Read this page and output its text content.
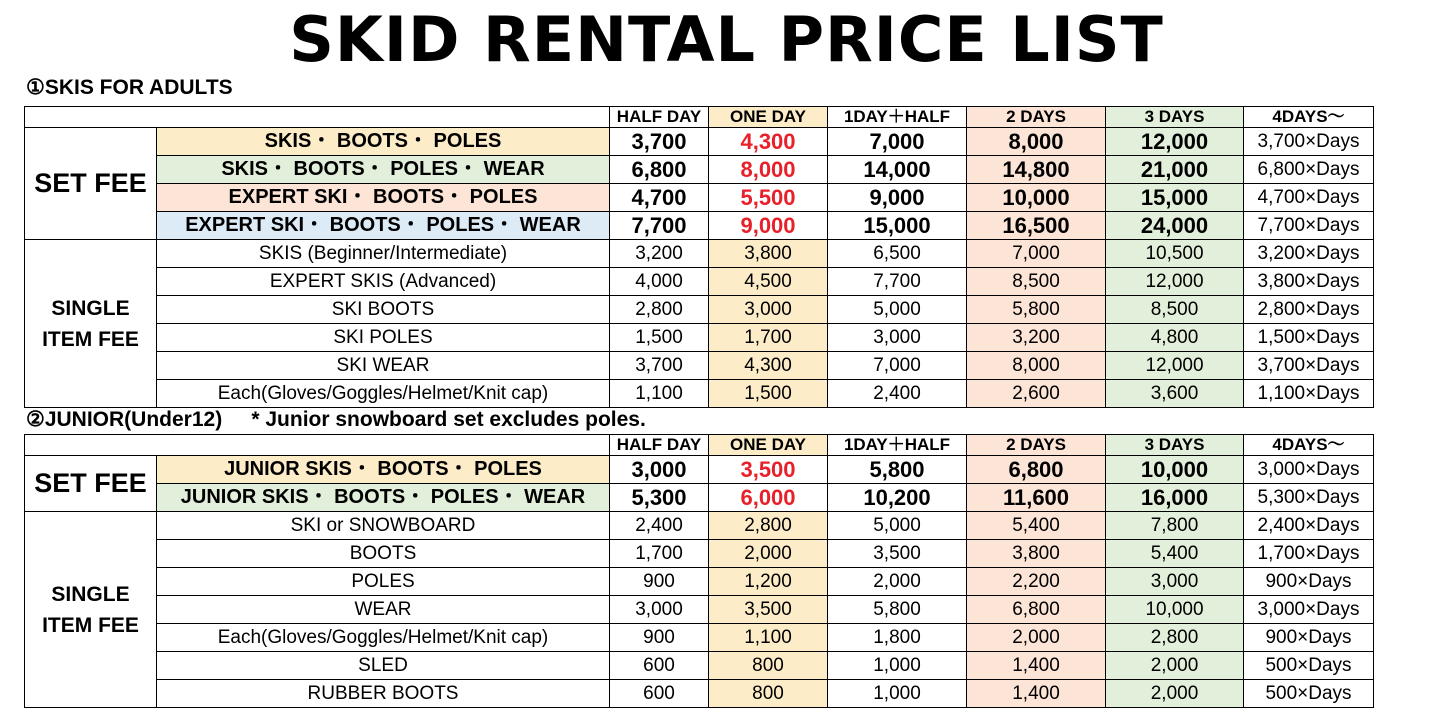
SKID RENTAL PRICE LIST
①SKIS FOR ADULTS
		HALF DAY	ONE DAY	1DAY＋HALF	2 DAYS	3 DAYS	4DAYS～
SET FEE	SKIS・ BOOTS・ POLES	3,700	4,300	7,000	8,000	12,000	3,700×Days
	SKIS・ BOOTS・ POLES・ WEAR	6,800	8,000	14,000	14,800	21,000	6,800×Days
	EXPERT SKI・ BOOTS・ POLES	4,700	5,500	9,000	10,000	15,000	4,700×Days
	EXPERT SKI・ BOOTS・ POLES・ WEAR	7,700	9,000	15,000	16,500	24,000	7,700×Days
SINGLE ITEM FEE	SKIS (Beginner/Intermediate)	3,200	3,800	6,500	7,000	10,500	3,200×Days
	EXPERT SKIS (Advanced)	4,000	4,500	7,700	8,500	12,000	3,800×Days
	SKI BOOTS	2,800	3,000	5,000	5,800	8,500	2,800×Days
	SKI POLES	1,500	1,700	3,000	3,200	4,800	1,500×Days
	SKI WEAR	3,700	4,300	7,000	8,000	12,000	3,700×Days
	Each(Gloves/Goggles/Helmet/Knit cap)	1,100	1,500	2,400	2,600	3,600	1,100×Days
②JUNIOR(Under12)     * Junior snowboard set excludes poles.
		HALF DAY	ONE DAY	1DAY＋HALF	2 DAYS	3 DAYS	4DAYS～
SET FEE	JUNIOR SKIS・ BOOTS・ POLES	3,000	3,500	5,800	6,800	10,000	3,000×Days
	JUNIOR SKIS・ BOOTS・ POLES・ WEAR	5,300	6,000	10,200	11,600	16,000	5,300×Days
SINGLE ITEM FEE	SKI or SNOWBOARD	2,400	2,800	5,000	5,400	7,800	2,400×Days
	BOOTS	1,700	2,000	3,500	3,800	5,400	1,700×Days
	POLES	900	1,200	2,000	2,200	3,000	900×Days
	WEAR	3,000	3,500	5,800	6,800	10,000	3,000×Days
	Each(Gloves/Goggles/Helmet/Knit cap)	900	1,100	1,800	2,000	2,800	900×Days
	SLED	600	800	1,000	1,400	2,000	500×Days
	RUBBER BOOTS	600	800	1,000	1,400	2,000	500×Days
